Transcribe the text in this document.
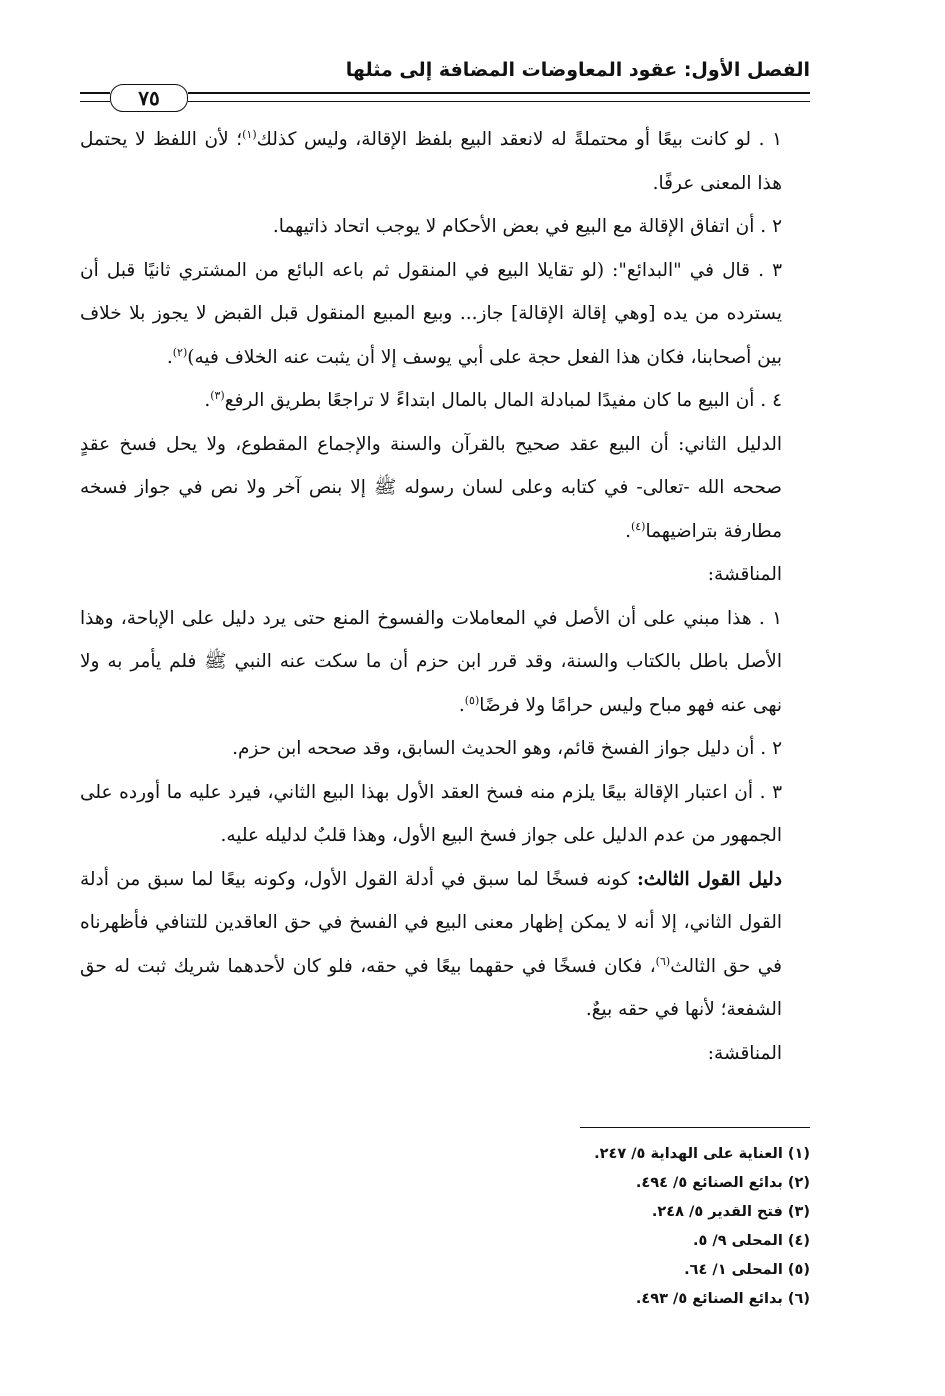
الفصل الأول: عقود المعاوضات المضافة إلى مثلها
٧٥

١ . لو كانت بيعًا أو محتملةً له لانعقد البيع بلفظ الإقالة، وليس كذلك$^{(١)}$؛ لأن اللفظ لا يحتمل هذا المعنى عرفًا.

٢ . أن اتفاق الإقالة مع البيع في بعض الأحكام لا يوجب اتحاد ذاتيهما.

٣ . قال في "البدائع": (لو تقايلا البيع في المنقول ثم باعه البائع من المشتري ثانيًا قبل أن يسترده من يده [وهي إقالة الإقالة] جاز... وبيع المبيع المنقول قبل القبض لا يجوز بلا خلاف بين أصحابنا، فكان هذا الفعل حجة على أبي يوسف إلا أن يثبت عنه الخلاف فيه)$^{(٢)}$.

٤ . أن البيع ما كان مفيدًا لمبادلة المال بالمال ابتداءً لا تراجعًا بطريق الرفع$^{(٣)}$.

الدليل الثاني: أن البيع عقد صحيح بالقرآن والسنة والإجماع المقطوع، ولا يحل فسخ عقدٍ صححه الله -تعالى- في كتابه وعلى لسان رسوله ﷺ إلا بنص آخر ولا نص في جواز فسخه مطارفة بتراضيهما$^{(٤)}$.

المناقشة:

١ . هذا مبني على أن الأصل في المعاملات والفسوخ المنع حتى يرد دليل على الإباحة، وهذا الأصل باطل بالكتاب والسنة، وقد قرر ابن حزم أن ما سكت عنه النبي ﷺ فلم يأمر به ولا نهى عنه فهو مباح وليس حرامًا ولا فرضًا$^{(٥)}$.

٢ . أن دليل جواز الفسخ قائم، وهو الحديث السابق، وقد صححه ابن حزم.

٣ . أن اعتبار الإقالة بيعًا يلزم منه فسخ العقد الأول بهذا البيع الثاني، فيرد عليه ما أورده على الجمهور من عدم الدليل على جواز فسخ البيع الأول، وهذا قلبٌ لدليله عليه.

دليل القول الثالث: كونه فسخًا لما سبق في أدلة القول الأول، وكونه بيعًا لما سبق من أدلة القول الثاني، إلا أنه لا يمكن إظهار معنى البيع في الفسخ في حق العاقدين للتنافي فأظهرناه في حق الثالث$^{(٦)}$، فكان فسخًا في حقهما بيعًا في حقه، فلو كان لأحدهما شريك ثبت له حق الشفعة؛ لأنها في حقه بيعٌ.

المناقشة:

(١) العناية على الهداية ٥/ ٢٤٧.

(٢) بدائع الصنائع ٥/ ٤٩٤.

(٣) فتح القدير ٥/ ٢٤٨.

(٤) المحلى ٩/ ٥.

(٥) المحلى ١/ ٦٤.

(٦) بدائع الصنائع ٥/ ٤٩٣.
